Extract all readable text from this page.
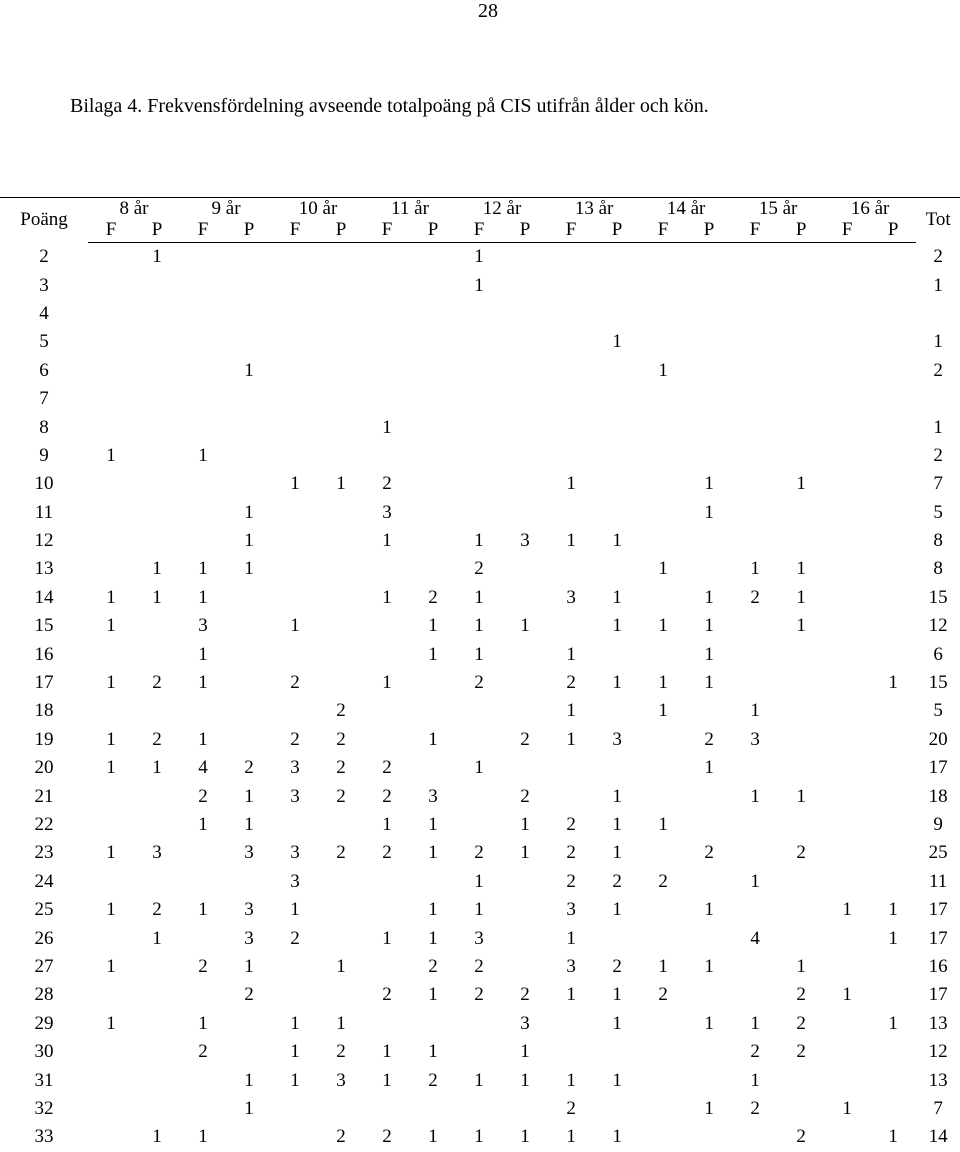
28
Bilaga 4. Frekvensfördelning avseende totalpoäng på CIS utifrån ålder och kön.
Poäng	8 år		9 år		10 år		11 år		12 år		13 år		14 år		15 år		16 år		Tot
	F	P	F	P	F	P	F	P	F	P	F	P	F	P	F	P	F	P	
2		1							1										2
3									1										1
4																			
5												1							1
6				1									1						2
7																			
8							1												1
9	1		1																2
10					1	1	2				1			1		1			7
11				1			3							1					5
12				1			1		1	3	1	1							8
13		1	1	1					2				1		1	1			8
14	1	1	1				1	2	1		3	1		1	2	1			15
15	1		3		1			1	1	1		1	1	1		1			12
16			1					1	1		1			1					6
17	1	2	1		2		1		2		2	1	1	1				1	15
18						2					1		1		1				5
19	1	2	1		2	2		1		2	1	3		2	3				20
20	1	1	4	2	3	2	2		1					1					17
21			2	1	3	2	2	3		2		1			1	1			18
22			1	1			1	1		1	2	1	1						9
23	1	3		3	3	2	2	1	2	1	2	1		2		2			25
24					3				1		2	2	2		1				11
25	1	2	1	3	1			1	1		3	1		1			1	1	17
26		1		3	2		1	1	3		1				4			1	17
27	1		2	1		1		2	2		3	2	1	1		1			16
28				2			2	1	2	2	1	1	2			2	1		17
29	1		1		1	1				3		1		1	1	2		1	13
30			2		1	2	1	1		1					2	2			12
31				1	1	3	1	2	1	1	1	1			1				13
32				1							2			1	2		1		7
33		1	1			2	2	1	1	1	1	1				2		1	14
